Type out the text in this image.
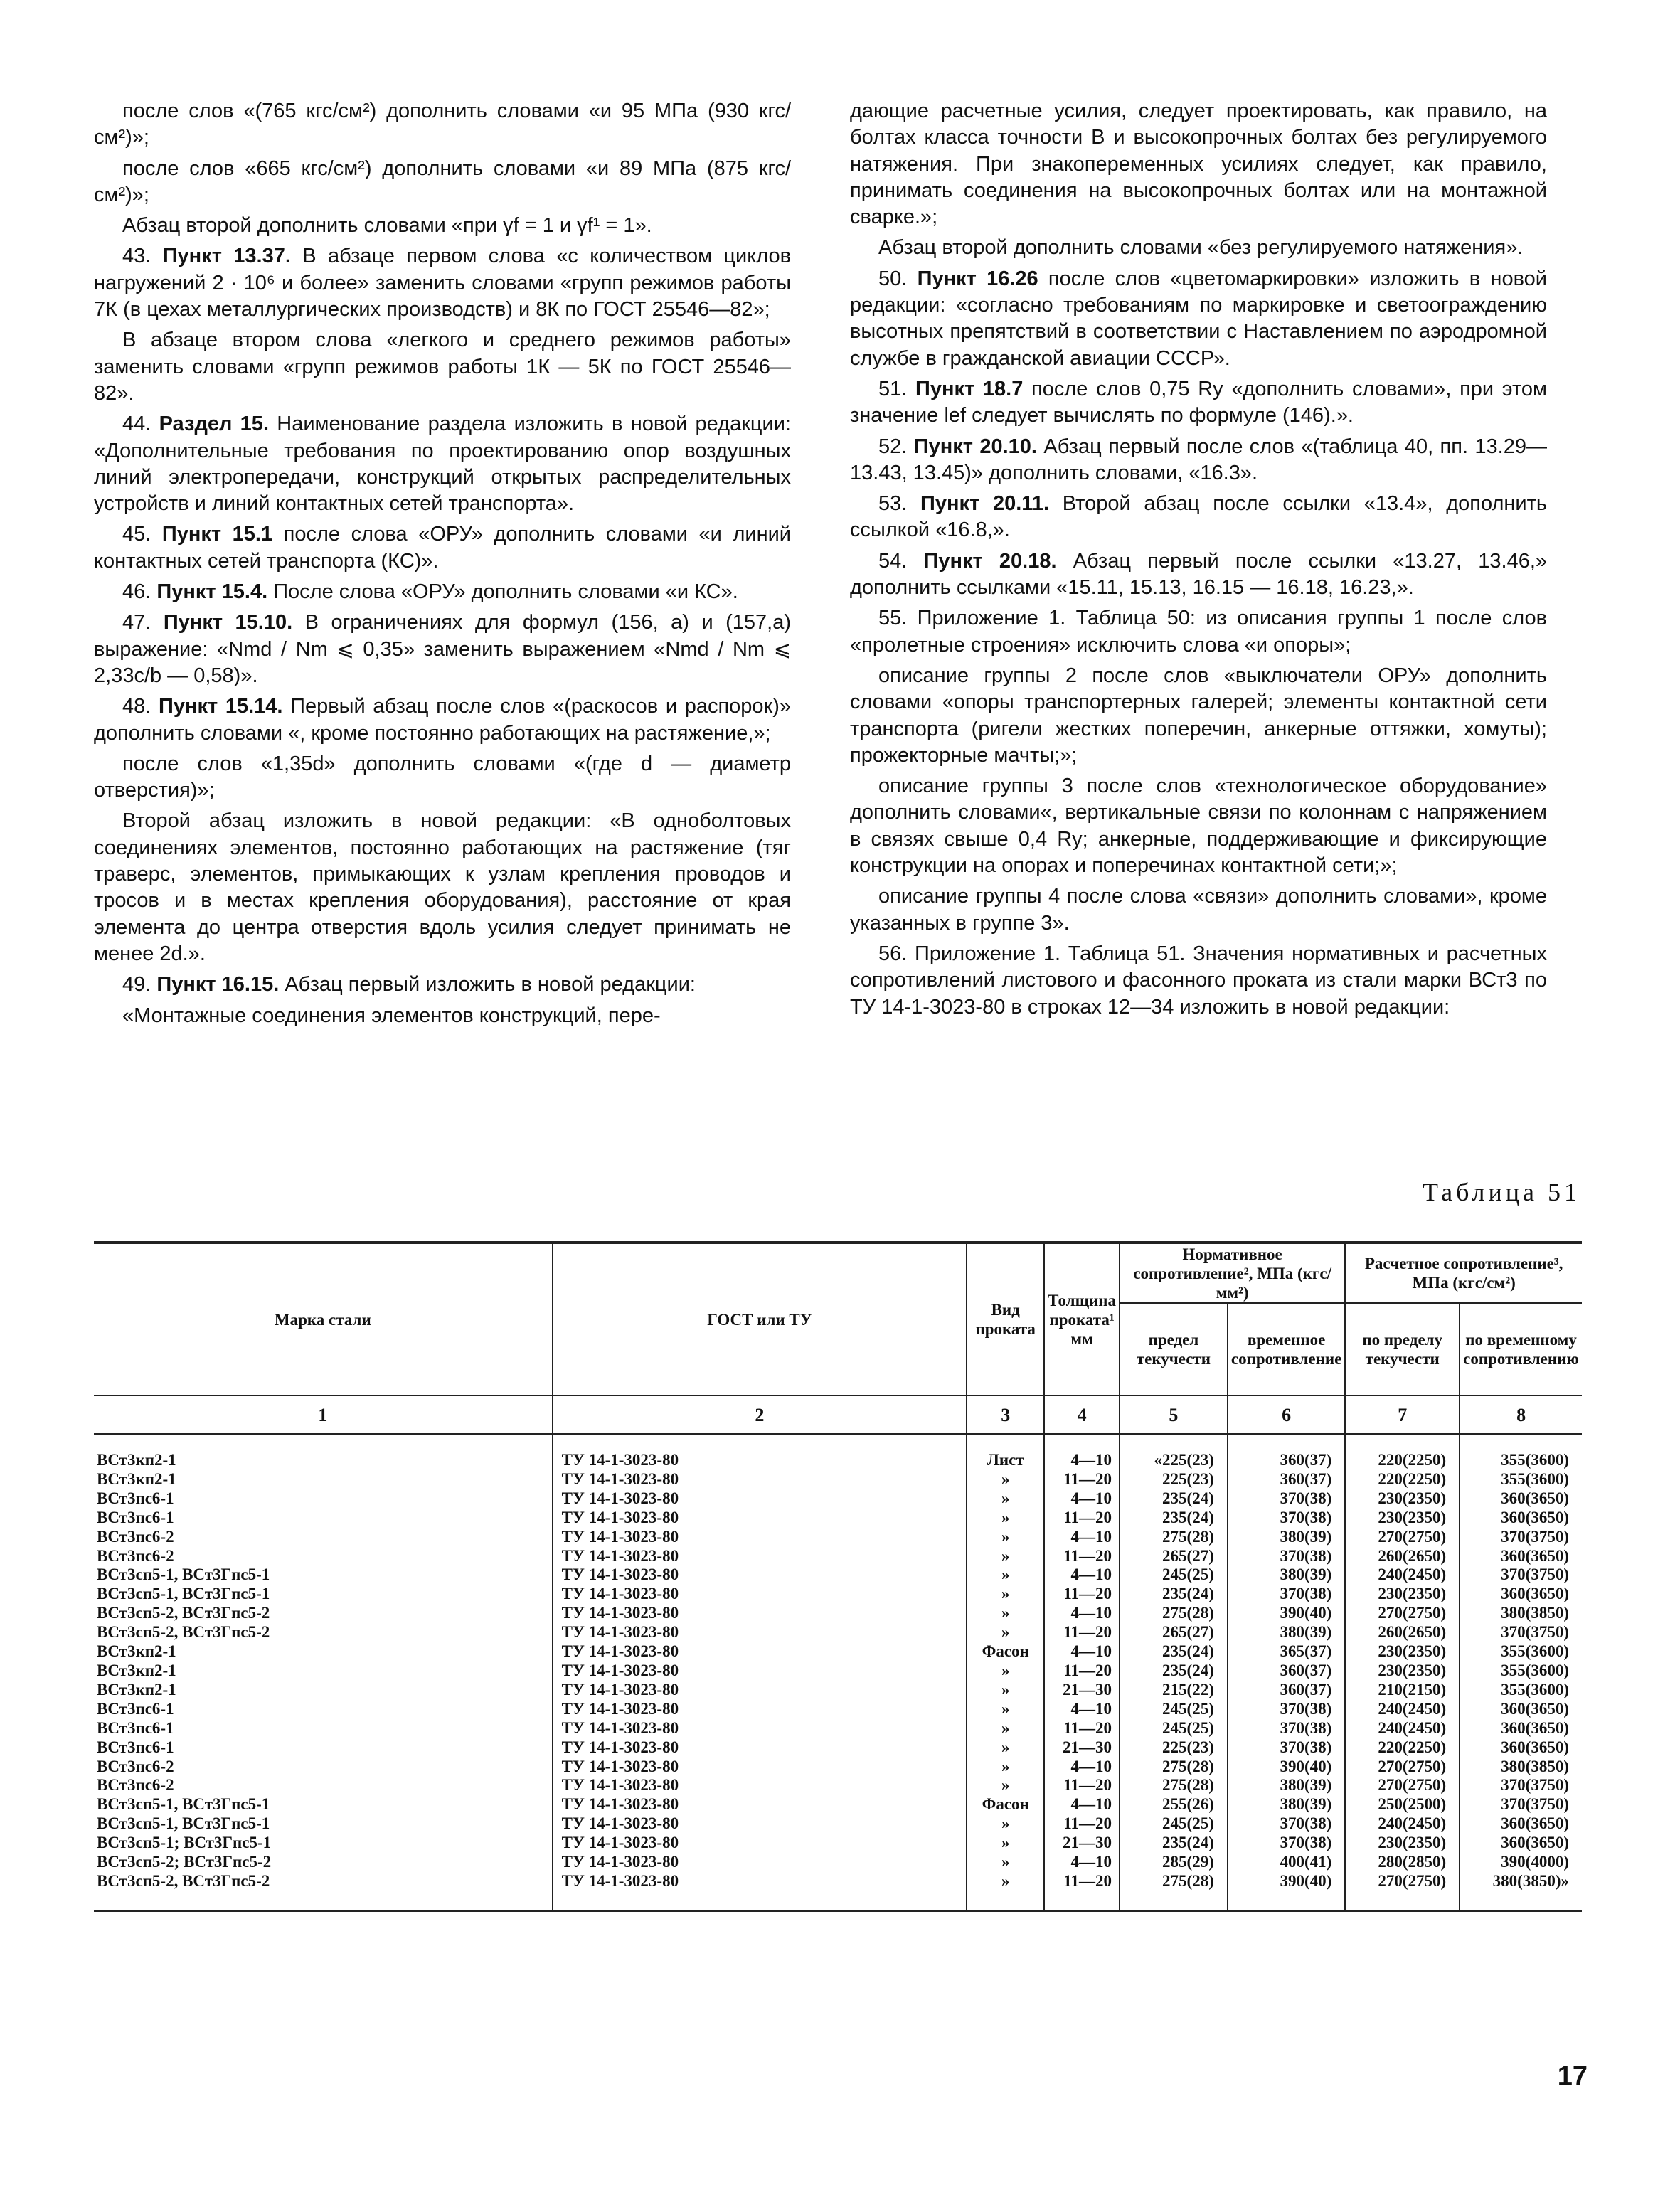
после слов «(765 кгс/см²) дополнить словами «и 95 МПа (930 кгс/см²)»;

после слов «665 кгс/см²) дополнить словами «и 89 МПа (875 кгс/см²)»;

Абзац второй дополнить словами «при γf = 1 и γf¹ = 1».

43. Пункт 13.37. В абзаце первом слова «с количеством циклов нагружений 2 · 10⁶ и более» заменить словами «групп режимов работы 7К (в цехах металлургических производств) и 8К по ГОСТ 25546—82»;

В абзаце втором слова «легкого и среднего режимов работы» заменить словами «групп режимов работы 1К — 5К по ГОСТ 25546—82».

44. Раздел 15. Наименование раздела изложить в новой редакции: «Дополнительные требования по проектированию опор воздушных линий электропередачи, конструкций открытых распределительных устройств и линий контактных сетей транспорта».

45. Пункт 15.1 после слова «ОРУ» дополнить словами «и линий контактных сетей транспорта (КС)».

46. Пункт 15.4. После слова «ОРУ» дополнить словами «и КС».

47. Пункт 15.10. В ограничениях для формул (156, а) и (157,а) выражение: «Nmd / Nm ⩽ 0,35» заменить выражением «Nmd / Nm ⩽ 2,33c/b — 0,58)».

48. Пункт 15.14. Первый абзац после слов «(раскосов и распорок)» дополнить словами «, кроме постоянно работающих на растяжение,»;

после слов «1,35d» дополнить словами «(где d — диаметр отверстия)»;

Второй абзац изложить в новой редакции: «В одноболтовых соединениях элементов, постоянно работающих на растяжение (тяг траверс, элементов, примыкающих к узлам крепления проводов и тросов и в местах крепления оборудования), расстояние от края элемента до центра отверстия вдоль усилия следует принимать не менее 2d.».

49. Пункт 16.15. Абзац первый изложить в новой редакции:

«Монтажные соединения элементов конструкций, пере-

дающие расчетные усилия, следует проектировать, как правило, на болтах класса точности В и высокопрочных болтах без регулируемого натяжения. При знакопеременных усилиях следует, как правило, принимать соединения на высокопрочных болтах или на монтажной сварке.»;

Абзац второй дополнить словами «без регулируемого натяжения».

50. Пункт 16.26 после слов «цветомаркировки» изложить в новой редакции: «согласно требованиям по маркировке и светоограждению высотных препятствий в соответствии с Наставлением по аэродромной службе в гражданской авиации СССР».

51. Пункт 18.7 после слов 0,75 Ry «дополнить словами», при этом значение lef следует вычислять по формуле (146).».

52. Пункт 20.10. Абзац первый после слов «(таблица 40, пп. 13.29—13.43, 13.45)» дополнить словами, «16.3».

53. Пункт 20.11. Второй абзац после ссылки «13.4», дополнить ссылкой «16.8,».

54. Пункт 20.18. Абзац первый после ссылки «13.27, 13.46,» дополнить ссылками «15.11, 15.13, 16.15 — 16.18, 16.23,».

55. Приложение 1. Таблица 50: из описания группы 1 после слов «пролетные строения» исключить слова «и опоры»;

описание группы 2 после слов «выключатели ОРУ» дополнить словами «опоры транспортерных галерей; элементы контактной сети транспорта (ригели жестких поперечин, анкерные оттяжки, хомуты); прожекторные мачты;»;

описание группы 3 после слов «технологическое оборудование» дополнить словами«, вертикальные связи по колоннам с напряжением в связях свыше 0,4 Ry; анкерные, поддерживающие и фиксирующие конструкции на опорах и поперечинах контактной сети;»;

описание группы 4 после слова «связи» дополнить словами», кроме указанных в группе 3».

56. Приложение 1. Таблица 51. Значения нормативных и расчетных сопротивлений листового и фасонного проката из стали марки ВСт3 по ТУ 14-1-3023-80 в строках 12—34 изложить в новой редакции:

Таблица 51
Марка стали	ГОСТ или ТУ	Вид проката	Толщина проката¹ мм	Нормативное сопротивление², МПа (кгс/мм²)		Расчетное сопротивление³, МПа (кгс/см²)	
				предел текучести	временное сопротивление	по пределу текучести	по временному сопротивлению
1	2	3	4	5	6	7	8

ВСт3кп2-1	ТУ 14-1-3023-80	Лист	4—10	«225(23)	360(37)	220(2250)	355(3600)
ВСт3кп2-1	ТУ 14-1-3023-80	»	11—20	225(23)	360(37)	220(2250)	355(3600)
ВСт3пс6-1	ТУ 14-1-3023-80	»	4—10	235(24)	370(38)	230(2350)	360(3650)
ВСт3пс6-1	ТУ 14-1-3023-80	»	11—20	235(24)	370(38)	230(2350)	360(3650)
ВСт3пс6-2	ТУ 14-1-3023-80	»	4—10	275(28)	380(39)	270(2750)	370(3750)
ВСт3пс6-2	ТУ 14-1-3023-80	»	11—20	265(27)	370(38)	260(2650)	360(3650)
ВСт3сп5-1, ВСт3Гпс5-1	ТУ 14-1-3023-80	»	4—10	245(25)	380(39)	240(2450)	370(3750)
ВСт3сп5-1, ВСт3Гпс5-1	ТУ 14-1-3023-80	»	11—20	235(24)	370(38)	230(2350)	360(3650)
ВСт3сп5-2, ВСт3Гпс5-2	ТУ 14-1-3023-80	»	4—10	275(28)	390(40)	270(2750)	380(3850)
ВСт3сп5-2, ВСт3Гпс5-2	ТУ 14-1-3023-80	»	11—20	265(27)	380(39)	260(2650)	370(3750)
ВСт3кп2-1	ТУ 14-1-3023-80	Фасон	4—10	235(24)	365(37)	230(2350)	355(3600)
ВСт3кп2-1	ТУ 14-1-3023-80	»	11—20	235(24)	360(37)	230(2350)	355(3600)
ВСт3кп2-1	ТУ 14-1-3023-80	»	21—30	215(22)	360(37)	210(2150)	355(3600)
ВСт3пс6-1	ТУ 14-1-3023-80	»	4—10	245(25)	370(38)	240(2450)	360(3650)
ВСт3пс6-1	ТУ 14-1-3023-80	»	11—20	245(25)	370(38)	240(2450)	360(3650)
ВСт3пс6-1	ТУ 14-1-3023-80	»	21—30	225(23)	370(38)	220(2250)	360(3650)
ВСт3пс6-2	ТУ 14-1-3023-80	»	4—10	275(28)	390(40)	270(2750)	380(3850)
ВСт3пс6-2	ТУ 14-1-3023-80	»	11—20	275(28)	380(39)	270(2750)	370(3750)
ВСт3сп5-1, ВСт3Гпс5-1	ТУ 14-1-3023-80	Фасон	4—10	255(26)	380(39)	250(2500)	370(3750)
ВСт3сп5-1, ВСт3Гпс5-1	ТУ 14-1-3023-80	»	11—20	245(25)	370(38)	240(2450)	360(3650)
ВСт3сп5-1; ВСт3Гпс5-1	ТУ 14-1-3023-80	»	21—30	235(24)	370(38)	230(2350)	360(3650)
ВСт3сп5-2; ВСт3Гпс5-2	ТУ 14-1-3023-80	»	4—10	285(29)	400(41)	280(2850)	390(4000)
ВСт3сп5-2, ВСт3Гпс5-2	ТУ 14-1-3023-80	»	11—20	275(28)	390(40)	270(2750)	380(3850)»

17
